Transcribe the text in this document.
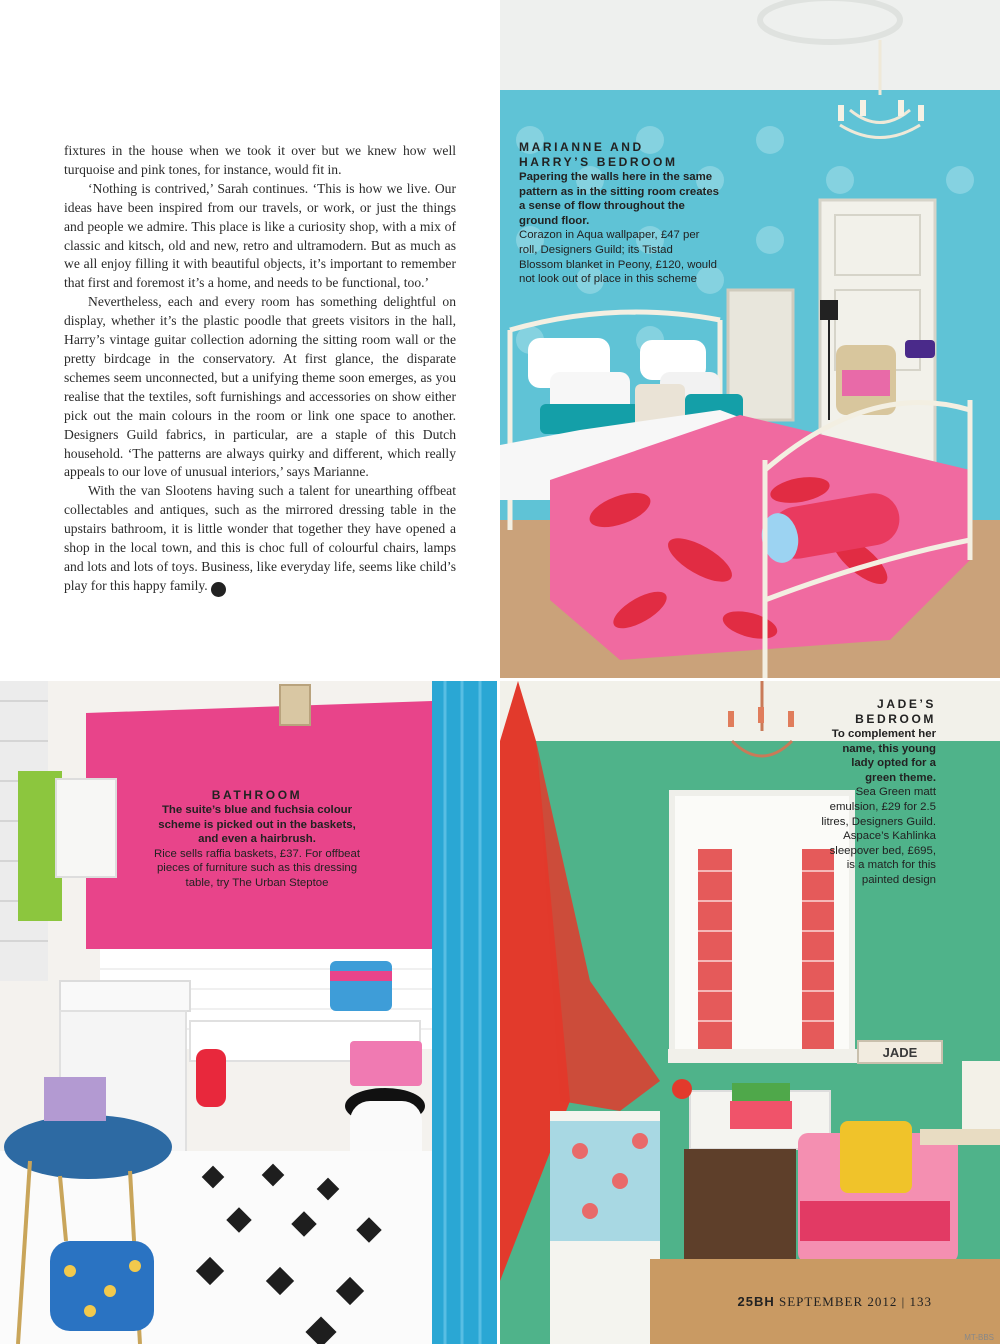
fixtures in the house when we took it over but we knew how well turquoise and pink tones, for instance, would fit in.

‘Nothing is contrived,’ Sarah continues. ‘This is how we live. Our ideas have been inspired from our travels, or work, or just the things and people we admire. This place is like a curiosity shop, with a mix of classic and kitsch, old and new, retro and ultramodern. But as much as we all enjoy filling it with beautiful objects, it’s important to remember that first and foremost it’s a home, and needs to be functional, too.’

Nevertheless, each and every room has something delightful on display, whether it’s the plastic poodle that greets visitors in the hall, Harry’s vintage guitar collection adorning the sitting room wall or the pretty birdcage in the conservatory. At first glance, the disparate schemes seem unconnected, but a unifying theme soon emerges, as you realise that the textiles, soft furnishings and accessories on show either pick out the main colours in the room or link one space to another. Designers Guild fabrics, in particular, are a staple of this Dutch household. ‘The patterns are always quirky and different, which really appeals to our love of unusual interiors,’ says Marianne.

With the van Slootens having such a talent for unearthing offbeat collectables and antiques, such as the mirrored dressing table in the upstairs bathroom, it is little wonder that together they have opened a shop in the local town, and this is choc full of colourful chairs, lamps and lots and lots of toys. Business, like everyday life, seems like child’s play for this happy family.	25

MARIANNE AND
HARRY’S BEDROOM
Papering the walls here in the same pattern as in the sitting room creates a sense of flow throughout the ground floor.
Corazon in Aqua wallpaper, £47 per roll, Designers Guild; its Tistad Blossom blanket in Peony, £120, would not look out of place in this scheme
BATHROOM
The suite’s blue and fuchsia colour scheme is picked out in the baskets, and even a hairbrush.
Rice sells raffia baskets, £37. For offbeat pieces of furniture such as this dressing table, try The Urban Steptoe
JADE
JADE’S
BEDROOM
To complement her name, this young lady opted for a green theme.
Sea Green matt emulsion, £29 for 2.5 litres, Designers Guild. Aspace’s Kahlinka sleepover bed, £695, is a match for this painted design
25BH SEPTEMBER 2012 | 133
MT-BBS
